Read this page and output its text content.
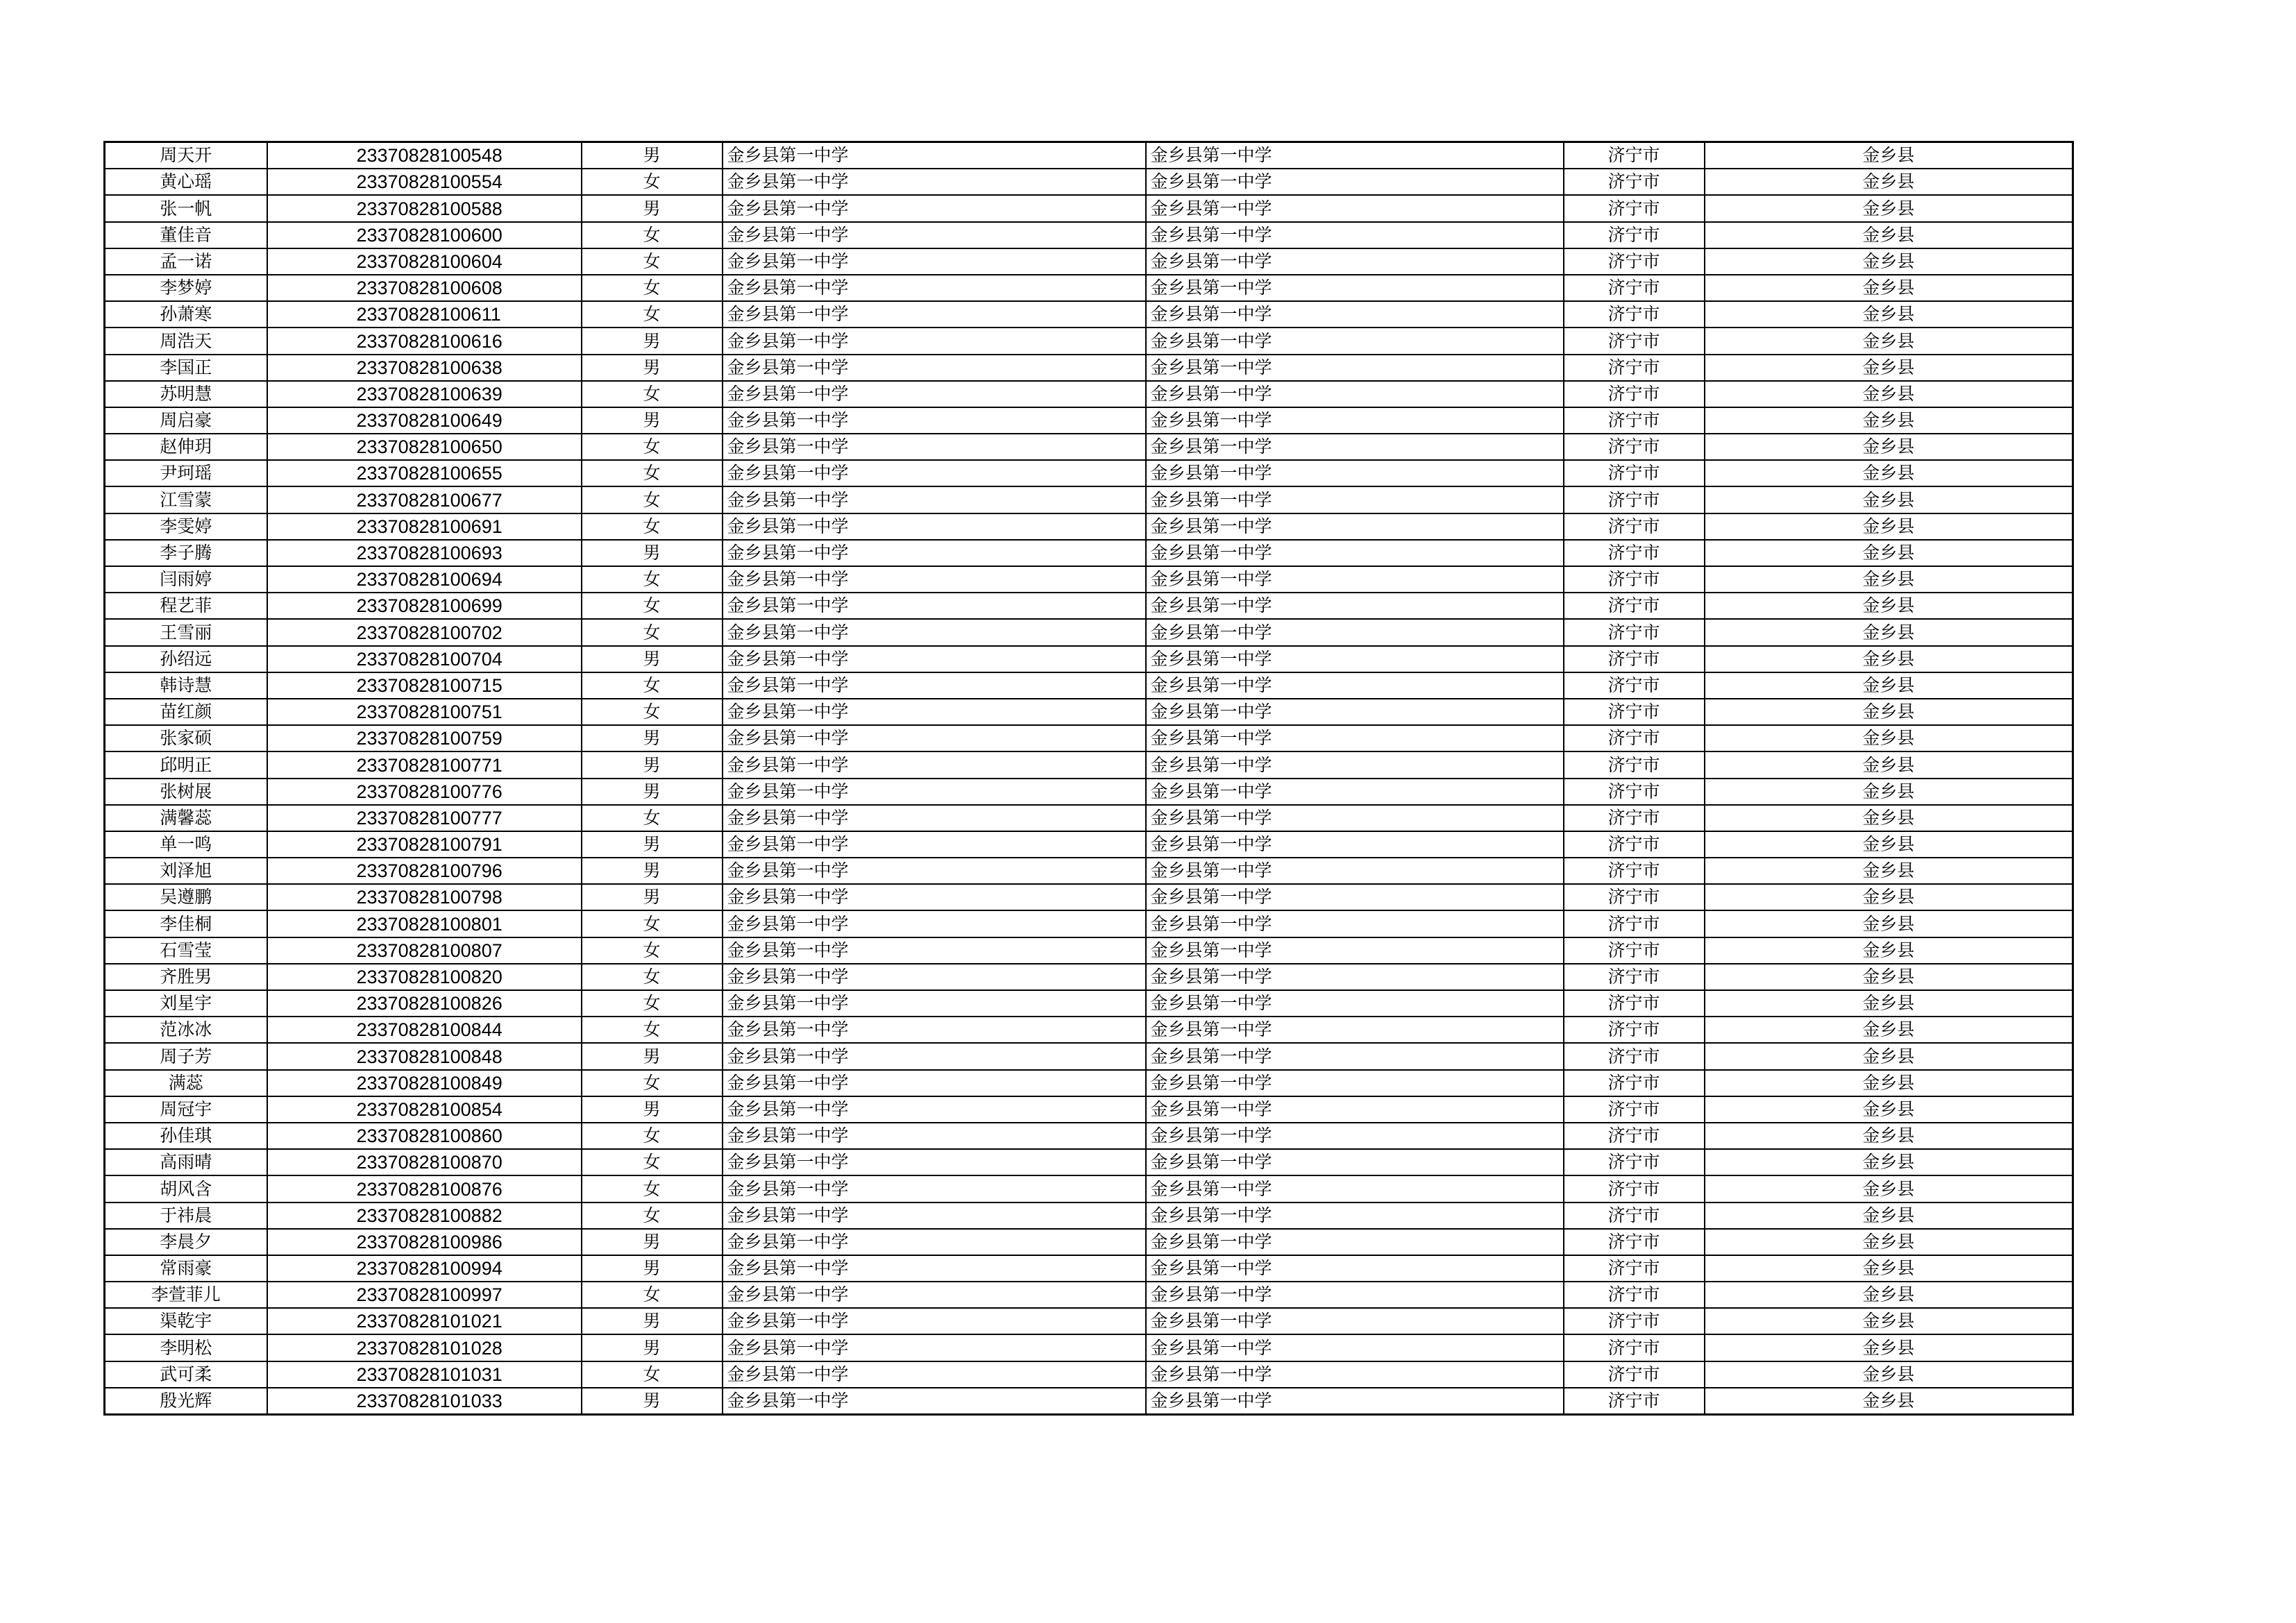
周天开	23370828100548	男	金乡县第一中学	金乡县第一中学	济宁市	金乡县
黄心瑶	23370828100554	女	金乡县第一中学	金乡县第一中学	济宁市	金乡县
张一帆	23370828100588	男	金乡县第一中学	金乡县第一中学	济宁市	金乡县
董佳音	23370828100600	女	金乡县第一中学	金乡县第一中学	济宁市	金乡县
孟一诺	23370828100604	女	金乡县第一中学	金乡县第一中学	济宁市	金乡县
李梦婷	23370828100608	女	金乡县第一中学	金乡县第一中学	济宁市	金乡县
孙萧寒	23370828100611	女	金乡县第一中学	金乡县第一中学	济宁市	金乡县
周浩天	23370828100616	男	金乡县第一中学	金乡县第一中学	济宁市	金乡县
李国正	23370828100638	男	金乡县第一中学	金乡县第一中学	济宁市	金乡县
苏明慧	23370828100639	女	金乡县第一中学	金乡县第一中学	济宁市	金乡县
周启豪	23370828100649	男	金乡县第一中学	金乡县第一中学	济宁市	金乡县
赵伸玥	23370828100650	女	金乡县第一中学	金乡县第一中学	济宁市	金乡县
尹珂瑶	23370828100655	女	金乡县第一中学	金乡县第一中学	济宁市	金乡县
江雪蒙	23370828100677	女	金乡县第一中学	金乡县第一中学	济宁市	金乡县
李雯婷	23370828100691	女	金乡县第一中学	金乡县第一中学	济宁市	金乡县
李子腾	23370828100693	男	金乡县第一中学	金乡县第一中学	济宁市	金乡县
闫雨婷	23370828100694	女	金乡县第一中学	金乡县第一中学	济宁市	金乡县
程艺菲	23370828100699	女	金乡县第一中学	金乡县第一中学	济宁市	金乡县
王雪丽	23370828100702	女	金乡县第一中学	金乡县第一中学	济宁市	金乡县
孙绍远	23370828100704	男	金乡县第一中学	金乡县第一中学	济宁市	金乡县
韩诗慧	23370828100715	女	金乡县第一中学	金乡县第一中学	济宁市	金乡县
苗红颜	23370828100751	女	金乡县第一中学	金乡县第一中学	济宁市	金乡县
张家硕	23370828100759	男	金乡县第一中学	金乡县第一中学	济宁市	金乡县
邱明正	23370828100771	男	金乡县第一中学	金乡县第一中学	济宁市	金乡县
张树展	23370828100776	男	金乡县第一中学	金乡县第一中学	济宁市	金乡县
满馨蕊	23370828100777	女	金乡县第一中学	金乡县第一中学	济宁市	金乡县
单一鸣	23370828100791	男	金乡县第一中学	金乡县第一中学	济宁市	金乡县
刘泽旭	23370828100796	男	金乡县第一中学	金乡县第一中学	济宁市	金乡县
吴遵鹏	23370828100798	男	金乡县第一中学	金乡县第一中学	济宁市	金乡县
李佳桐	23370828100801	女	金乡县第一中学	金乡县第一中学	济宁市	金乡县
石雪莹	23370828100807	女	金乡县第一中学	金乡县第一中学	济宁市	金乡县
齐胜男	23370828100820	女	金乡县第一中学	金乡县第一中学	济宁市	金乡县
刘星宇	23370828100826	女	金乡县第一中学	金乡县第一中学	济宁市	金乡县
范冰冰	23370828100844	女	金乡县第一中学	金乡县第一中学	济宁市	金乡县
周子芳	23370828100848	男	金乡县第一中学	金乡县第一中学	济宁市	金乡县
满蕊	23370828100849	女	金乡县第一中学	金乡县第一中学	济宁市	金乡县
周冠宇	23370828100854	男	金乡县第一中学	金乡县第一中学	济宁市	金乡县
孙佳琪	23370828100860	女	金乡县第一中学	金乡县第一中学	济宁市	金乡县
高雨晴	23370828100870	女	金乡县第一中学	金乡县第一中学	济宁市	金乡县
胡风含	23370828100876	女	金乡县第一中学	金乡县第一中学	济宁市	金乡县
于祎晨	23370828100882	女	金乡县第一中学	金乡县第一中学	济宁市	金乡县
李晨夕	23370828100986	男	金乡县第一中学	金乡县第一中学	济宁市	金乡县
常雨豪	23370828100994	男	金乡县第一中学	金乡县第一中学	济宁市	金乡县
李萱菲儿	23370828100997	女	金乡县第一中学	金乡县第一中学	济宁市	金乡县
渠乾宇	23370828101021	男	金乡县第一中学	金乡县第一中学	济宁市	金乡县
李明松	23370828101028	男	金乡县第一中学	金乡县第一中学	济宁市	金乡县
武可柔	23370828101031	女	金乡县第一中学	金乡县第一中学	济宁市	金乡县
殷光辉	23370828101033	男	金乡县第一中学	金乡县第一中学	济宁市	金乡县
